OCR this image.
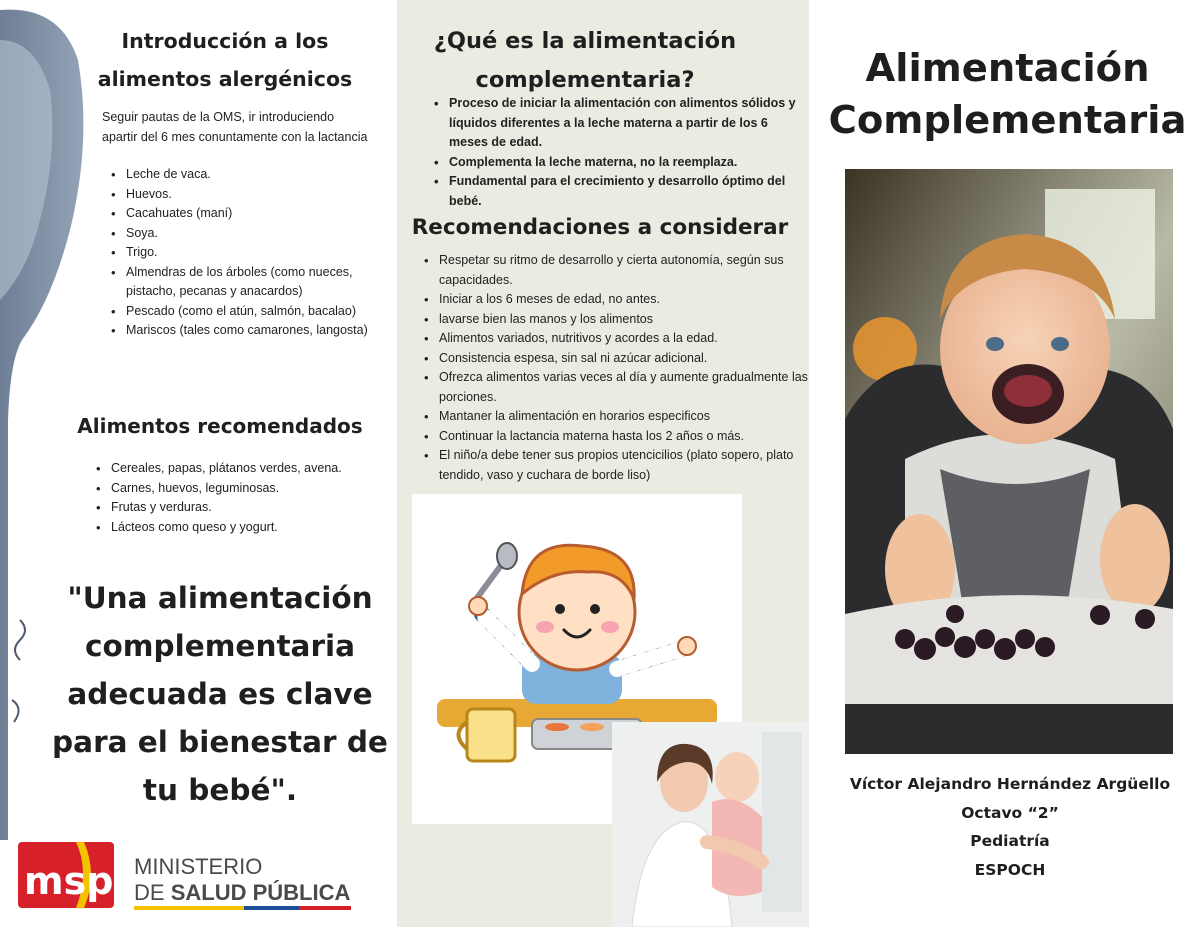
Introducción a los alimentos alergénicos
Seguir pautas de la OMS, ir introduciendo apartir del 6 mes conuntamente con la lactancia
• Leche de vaca.
• Huevos.
• Cacahuates (maní)
• Soya.
• Trigo.
• Almendras de los árboles (como nueces, pistacho, pecanas y anacardos)
• Pescado (como el atún, salmón, bacalao)
• Mariscos (tales como camarones, langosta)
Alimentos recomendados
• Cereales, papas, plátanos verdes, avena.
• Carnes, huevos, leguminosas.
• Frutas y verduras.
• Lácteos como queso y yogurt.
"Una alimentación complementaria adecuada es clave para el bienestar de tu bebé".
msp MINISTERIO
DE SALUD PÚBLICA
¿Qué es la alimentación complementaria?
• Proceso de iniciar la alimentación con alimentos sólidos y líquidos diferentes a la leche materna a partir de los 6 meses de edad.
• Complementa la leche materna, no la reemplaza.
• Fundamental para el crecimiento y desarrollo óptimo del bebé.
Recomendaciones a considerar
• Respetar su ritmo de desarrollo y cierta autonomía, según sus capacidades.
• Iniciar a los 6 meses de edad, no antes.
• lavarse bien las manos y los alimentos
• Alimentos variados, nutritivos y acordes a la edad.
• Consistencia espesa, sin sal ni azúcar adicional.
• Ofrezca alimentos varias veces al día y aumente gradualmente las porciones.
• Mantaner la alimentación en horarios especificos
• Continuar la lactancia materna hasta los 2 años o más.
• El niño/a debe tener sus propios utencicilios (plato sopero, plato tendido, vaso y cuchara de borde liso)
Alimentación
Complementaria
Víctor Alejandro Hernández Argüello
Octavo “2”
Pediatría
ESPOCH
